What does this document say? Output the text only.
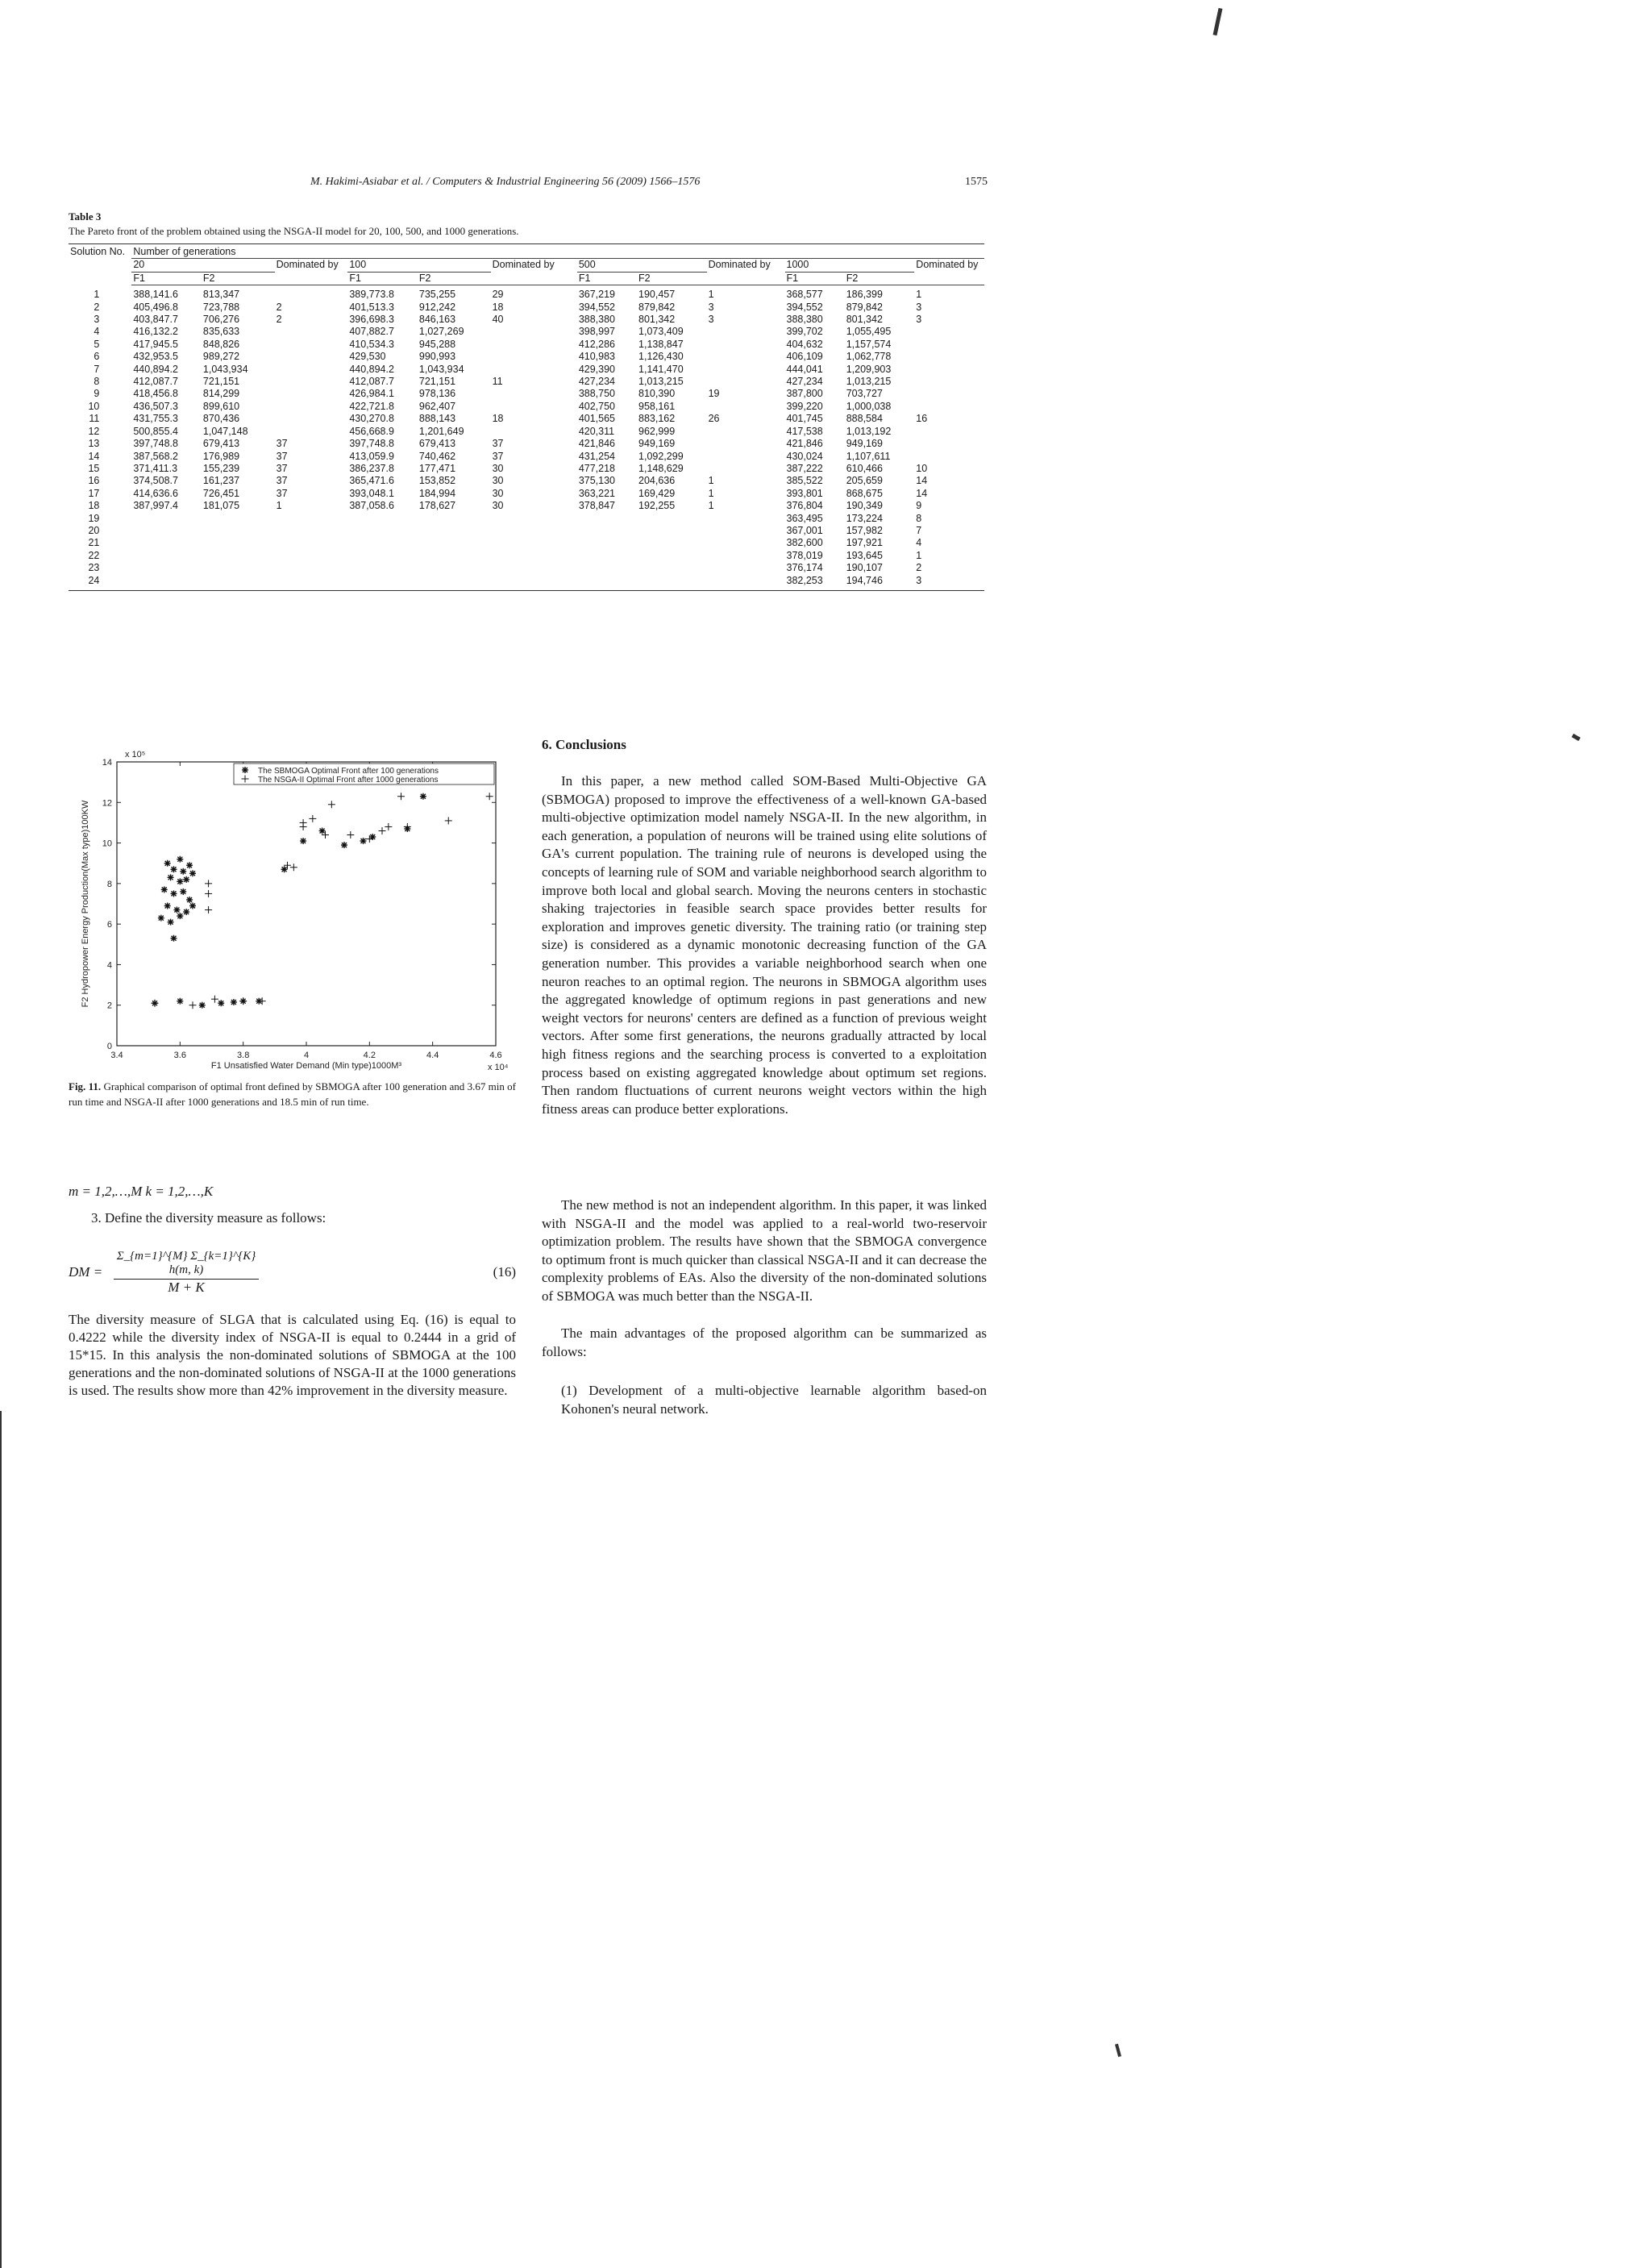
M. Hakimi-Asiabar et al. / Computers & Industrial Engineering 56 (2009) 1566–1576	1575
Table 3
The Pareto front of the problem obtained using the NSGA-II model for 20, 100, 500, and 1000 generations.
Solution No.	Number of generations											
	20		Dominated by	100		Dominated by	500		Dominated by	1000		Dominated by
	F1	F2		F1	F2		F1	F2		F1	F2	
1	388,141.6	813,347		389,773.8	735,255	29	367,219	190,457	1	368,577	186,399	1
2	405,496.8	723,788	2	401,513.3	912,242	18	394,552	879,842	3	394,552	879,842	3
3	403,847.7	706,276	2	396,698.3	846,163	40	388,380	801,342	3	388,380	801,342	3
4	416,132.2	835,633		407,882.7	1,027,269		398,997	1,073,409		399,702	1,055,495	
5	417,945.5	848,826		410,534.3	945,288		412,286	1,138,847		404,632	1,157,574	
6	432,953.5	989,272		429,530	990,993		410,983	1,126,430		406,109	1,062,778	
7	440,894.2	1,043,934		440,894.2	1,043,934		429,390	1,141,470		444,041	1,209,903	
8	412,087.7	721,151		412,087.7	721,151	11	427,234	1,013,215		427,234	1,013,215	
9	418,456.8	814,299		426,984.1	978,136		388,750	810,390	19	387,800	703,727	
10	436,507.3	899,610		422,721.8	962,407		402,750	958,161		399,220	1,000,038	
11	431,755.3	870,436		430,270.8	888,143	18	401,565	883,162	26	401,745	888,584	16
12	500,855.4	1,047,148		456,668.9	1,201,649		420,311	962,999		417,538	1,013,192	
13	397,748.8	679,413	37	397,748.8	679,413	37	421,846	949,169		421,846	949,169	
14	387,568.2	176,989	37	413,059.9	740,462	37	431,254	1,092,299		430,024	1,107,611	
15	371,411.3	155,239	37	386,237.8	177,471	30	477,218	1,148,629		387,222	610,466	10
16	374,508.7	161,237	37	365,471.6	153,852	30	375,130	204,636	1	385,522	205,659	14
17	414,636.6	726,451	37	393,048.1	184,994	30	363,221	169,429	1	393,801	868,675	14
18	387,997.4	181,075	1	387,058.6	178,627	30	378,847	192,255	1	376,804	190,349	9
19										363,495	173,224	8
20										367,001	157,982	7
21										382,600	197,921	4
22										378,019	193,645	1
23										376,174	190,107	2
24										382,253	194,746	3
3.4	3.6	3.8	4	4.2	4.4	4.6
0
2
4
6
8
10
12
14
x 10⁴
x 10⁵
F1 Unsatisfied Water Demand (Min type)1000M³
F2 Hydropower Energy Production(Max type)100KW
The SBMOGA Optimal Front after 100 generations
The NSGA-II Optimal Front after 1000 generations
Fig. 11. Graphical comparison of optimal front defined by SBMOGA after 100 generation and 3.67 min of run time and NSGA-II after 1000 generations and 18.5 min of run time.
m = 1,2,…,M k = 1,2,…,K
3. Define the diversity measure as follows:
DM = $\frac{\Sigma\_\{m=1\}\^{}\{M\} \Sigma\_\{k=1\}\^{}\{K\} h(m, k)}{M + K}$	(16)

The diversity measure of SLGA that is calculated using Eq. (16) is equal to 0.4222 while the diversity index of NSGA-II is equal to 0.2444 in a grid of 15*15. In this analysis the non-dominated solutions of SBMOGA at the 100 generations and the non-dominated solutions of NSGA-II at the 1000 generations is used. The results show more than 42% improvement in the diversity measure.

6. Conclusions

In this paper, a new method called SOM-Based Multi-Objective GA (SBMOGA) proposed to improve the effectiveness of a well-known GA-based multi-objective optimization model namely NSGA-II. In the new algorithm, in each generation, a population of neurons will be trained using elite solutions of GA's current population. The training rule of neurons is developed using the concepts of learning rule of SOM and variable neighborhood search algorithm to improve both local and global search. Moving the neurons centers in stochastic shaking trajectories in feasible search space provides better results for exploration and improves genetic diversity. The training ratio (or training step size) is considered as a dynamic monotonic decreasing function of the GA generation number. This provides a variable neighborhood search when one neuron reaches to an optimal region. The neurons in SBMOGA algorithm uses the aggregated knowledge of optimum regions in past generations and new weight vectors for neurons' centers are defined as a function of previous weight vectors. After some first generations, the neurons gradually attracted by local high fitness regions and the searching process is converted to a exploitation process based on existing aggregated knowledge about optimum set regions. Then random fluctuations of current neurons weight vectors within the high fitness areas can produce better explorations.

The new method is not an independent algorithm. In this paper, it was linked with NSGA-II and the model was applied to a real-world two-reservoir optimization problem. The results have shown that the SBMOGA convergence to optimum front is much quicker than classical NSGA-II and it can decrease the complexity problems of EAs. Also the diversity of the non-dominated solutions of SBMOGA was much better than the NSGA-II.

The main advantages of the proposed algorithm can be summarized as follows:

(1) Development of a multi-objective learnable algorithm based-on Kohonen's neural network.
